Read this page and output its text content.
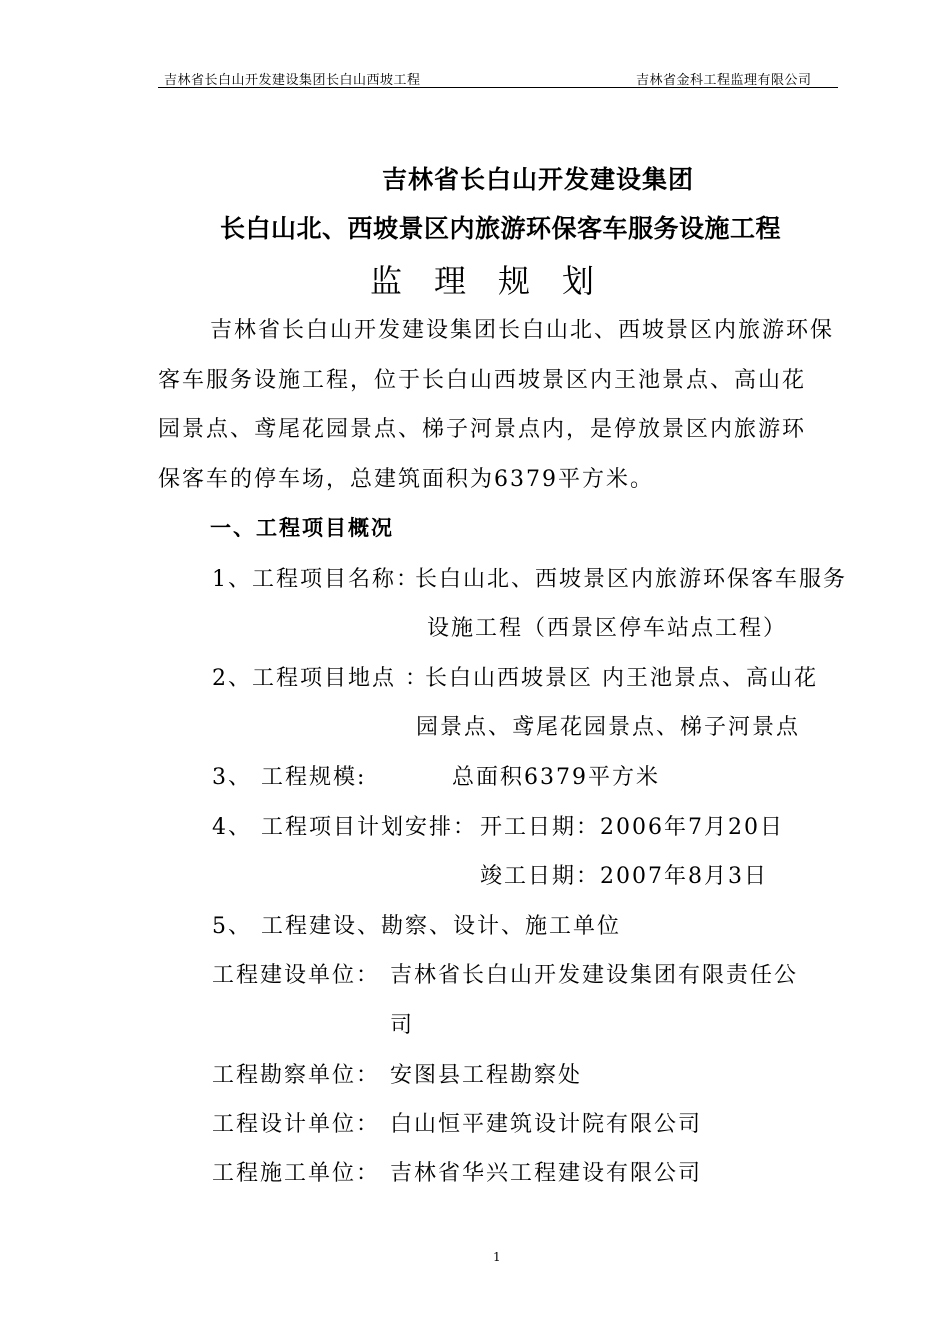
吉林省长白山开发建设集团长白山西坡工程	吉林省金科工程监理有限公司
吉林省长白山开发建设集团
长白山北、西坡景区内旅游环保客车服务设施工程
监理规划
吉林省长白山开发建设集团长白山北、西坡景区内旅游环保
客车服务设施工程，位于长白山西坡景区内王池景点、高山花
园景点、鸢尾花园景点、梯子河景点内，是停放景区内旅游环
保客车的停车场，总建筑面积为6379平方米。
一、工程项目概况
1、工程项目名称：
长白山北、西坡景区内旅游环保客车服务
设施工程（西景区停车站点工程）
2、工程项目地点 ：
长白山西坡景区 内王池景点、高山花
园景点、鸢尾花园景点、梯子河景点
3、 工程规模:	总面积6379平方米
4、 工程项目计划安排： 开工日期：2006年7月20日
竣工日期：2007年8月3日
5、 工程建设、勘察、设计、施工单位
工程建设单位： 吉林省长白山开发建设集团有限责任公
司
工程勘察单位： 安图县工程勘察处
工程设计单位： 白山恒平建筑设计院有限公司
工程施工单位： 吉林省华兴工程建设有限公司
1
